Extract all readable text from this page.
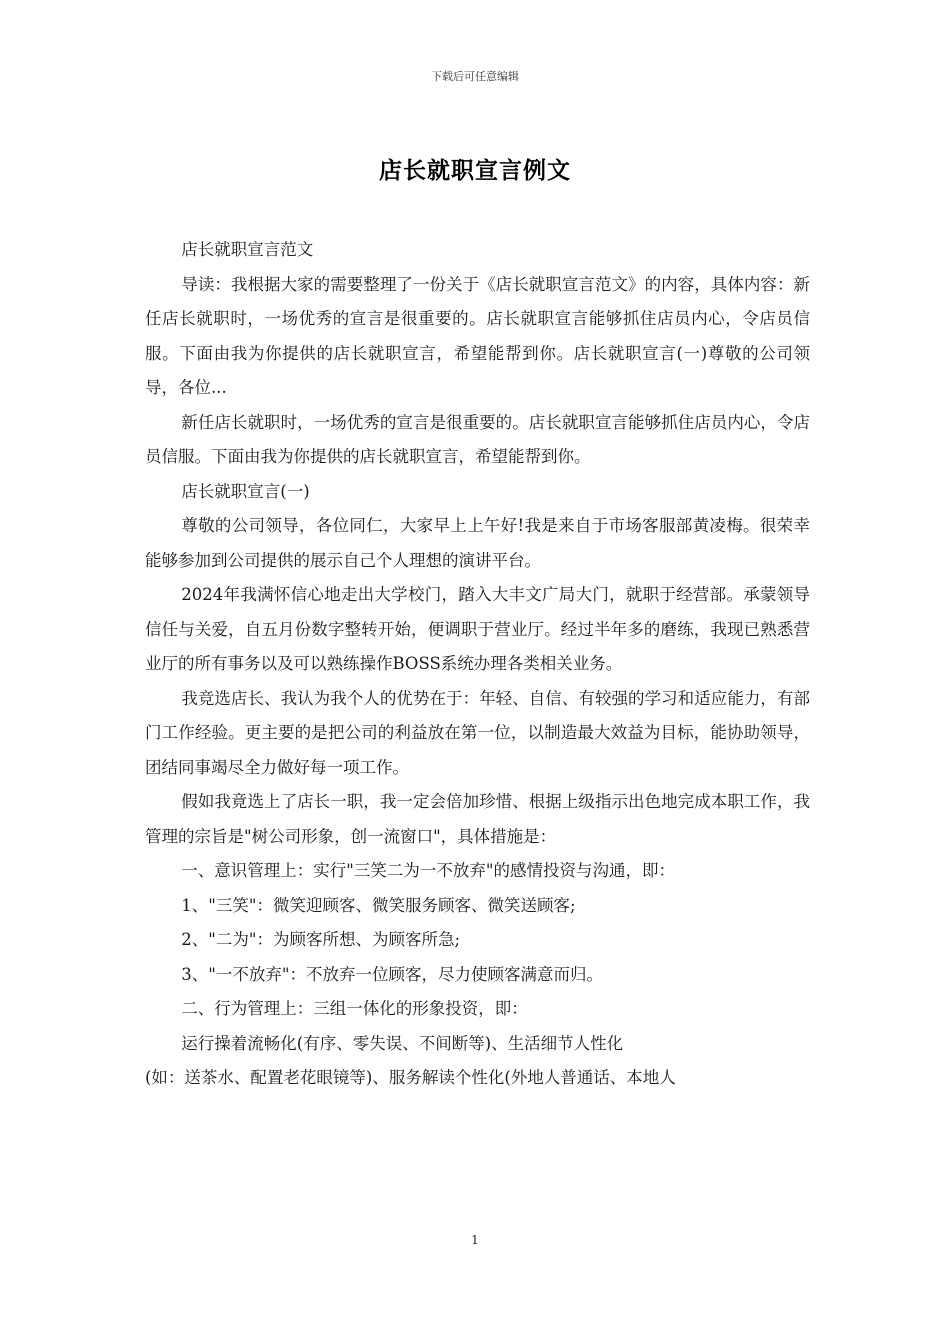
下载后可任意编辑
店长就职宣言例文

店长就职宣言范文

导读：我根据大家的需要整理了一份关于《店长就职宣言范文》的内容，具体内容：新任店长就职时，一场优秀的宣言是很重要的。店长就职宣言能够抓住店员内心，令店员信服。下面由我为你提供的店长就职宣言，希望能帮到你。店长就职宣言(一)尊敬的公司领导，各位...

新任店长就职时，一场优秀的宣言是很重要的。店长就职宣言能够抓住店员内心，令店员信服。下面由我为你提供的店长就职宣言，希望能帮到你。

店长就职宣言(一)

尊敬的公司领导，各位同仁，大家早上上午好!我是来自于市场客服部黄凌梅。很荣幸能够参加到公司提供的展示自己个人理想的演讲平台。

2024年我满怀信心地走出大学校门，踏入大丰文广局大门，就职于经营部。承蒙领导信任与关爱，自五月份数字整转开始，便调职于营业厅。经过半年多的磨练，我现已熟悉营业厅的所有事务以及可以熟练操作BOSS系统办理各类相关业务。

我竞选店长、我认为我个人的优势在于：年轻、自信、有较强的学习和适应能力，有部门工作经验。更主要的是把公司的利益放在第一位，以制造最大效益为目标，能协助领导，团结同事竭尽全力做好每一项工作。

假如我竟选上了店长一职，我一定会倍加珍惜、根据上级指示出色地完成本职工作，我管理的宗旨是"树公司形象，创一流窗口"，具体措施是：

一、意识管理上：实行"三笑二为一不放弃"的感情投资与沟通，即：

1、"三笑"：微笑迎顾客、微笑服务顾客、微笑送顾客;

2、"二为"：为顾客所想、为顾客所急;

3、"一不放弃"：不放弃一位顾客，尽力使顾客满意而归。

二、行为管理上：三组一体化的形象投资，即：

运行操着流畅化(有序、零失误、不间断等)、生活细节人性化

(如：送茶水、配置老花眼镜等)、服务解读个性化(外地人普通话、本地人

1
